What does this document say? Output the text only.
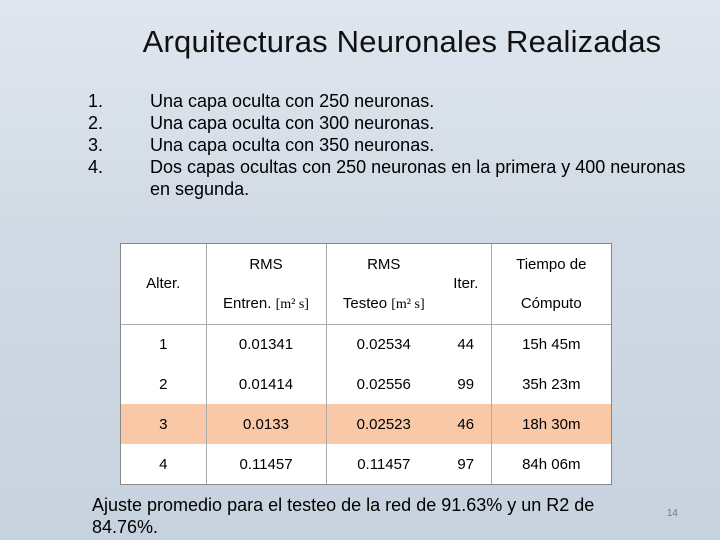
Arquitecturas Neuronales Realizadas
1.	Una capa oculta con 250 neuronas.
2.	Una capa oculta con 300 neuronas.
3.	Una capa oculta con 350 neuronas.
4.	Dos capas ocultas con 250 neuronas en la primera y 400 neuronas en segunda.
Alter.	RMS	RMS	Iter.	Tiempo de
	Entren. [m² s]	Testeo [m² s]		Cómputo
1	0.01341	0.02534	44	15h 45m
2	0.01414	0.02556	99	35h 23m
3	0.0133	0.02523	46	18h 30m
4	0.11457	0.11457	97	84h 06m
Ajuste promedio para el testeo de la red de 91.63% y un R2 de 84.76%.
14
